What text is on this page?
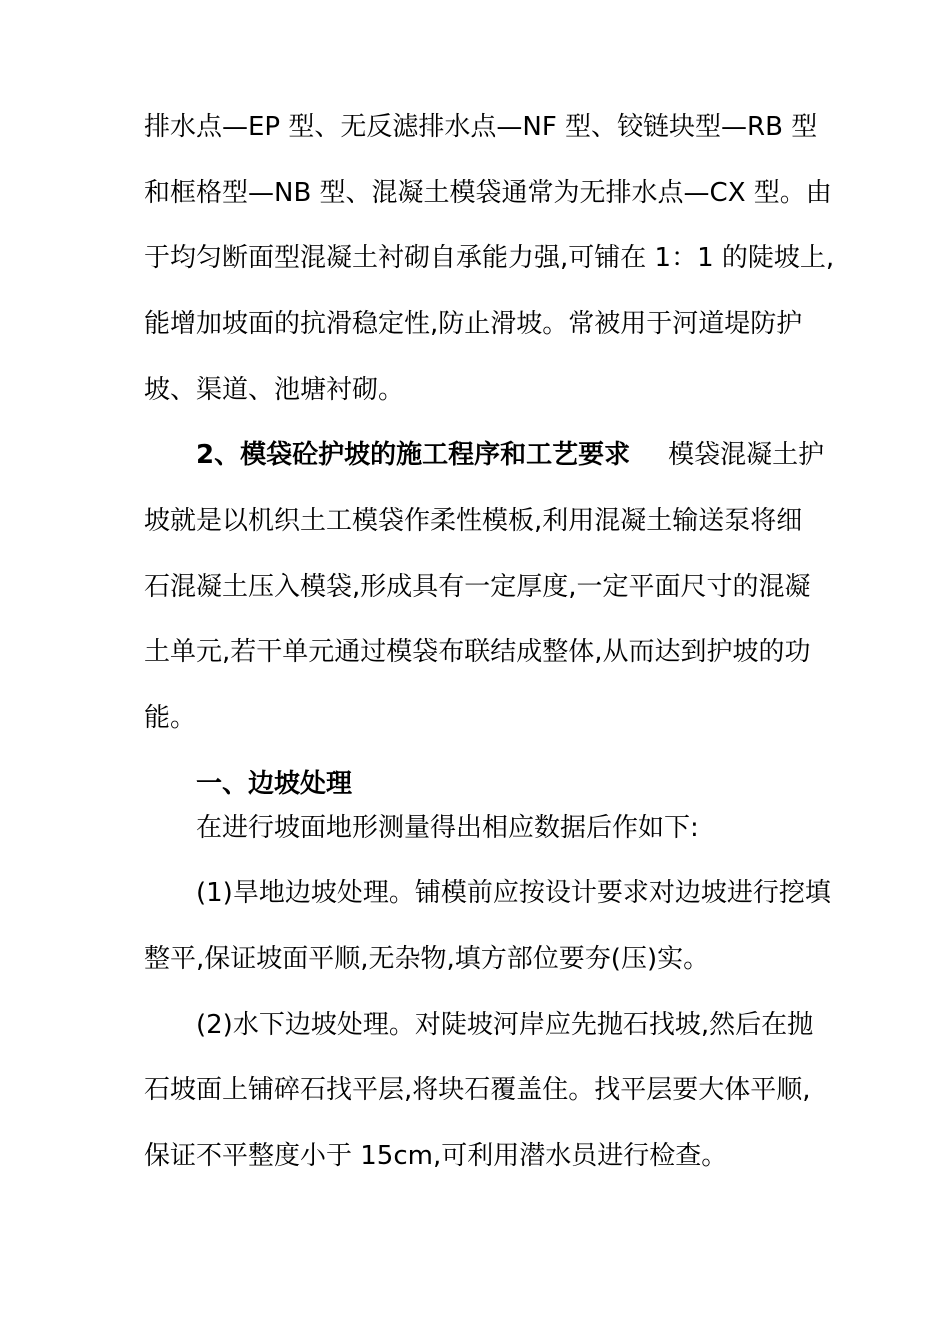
排水点—EP 型、无反滤排水点—NF 型、铰链块型—RB 型
和框格型—NB 型、混凝土模袋通常为无排水点—CX 型。由
于均匀断面型混凝土衬砌自承能力强,可铺在 1：1 的陡坡上,
能增加坡面的抗滑稳定性,防止滑坡。常被用于河道堤防护
坡、渠道、池塘衬砌。
2、模袋砼护坡的施工程序和工艺要求 模袋混凝土护
坡就是以机织土工模袋作柔性模板,利用混凝土输送泵将细
石混凝土压入模袋,形成具有一定厚度,一定平面尺寸的混凝
土单元,若干单元通过模袋布联结成整体,从而达到护坡的功
能。
一、边坡处理
在进行坡面地形测量得出相应数据后作如下:
(1)旱地边坡处理。铺模前应按设计要求对边坡进行挖填
整平,保证坡面平顺,无杂物,填方部位要夯(压)实。
(2)水下边坡处理。对陡坡河岸应先抛石找坡,然后在抛
石坡面上铺碎石找平层,将块石覆盖住。找平层要大体平顺,
保证不平整度小于 15cm,可利用潜水员进行检查。
